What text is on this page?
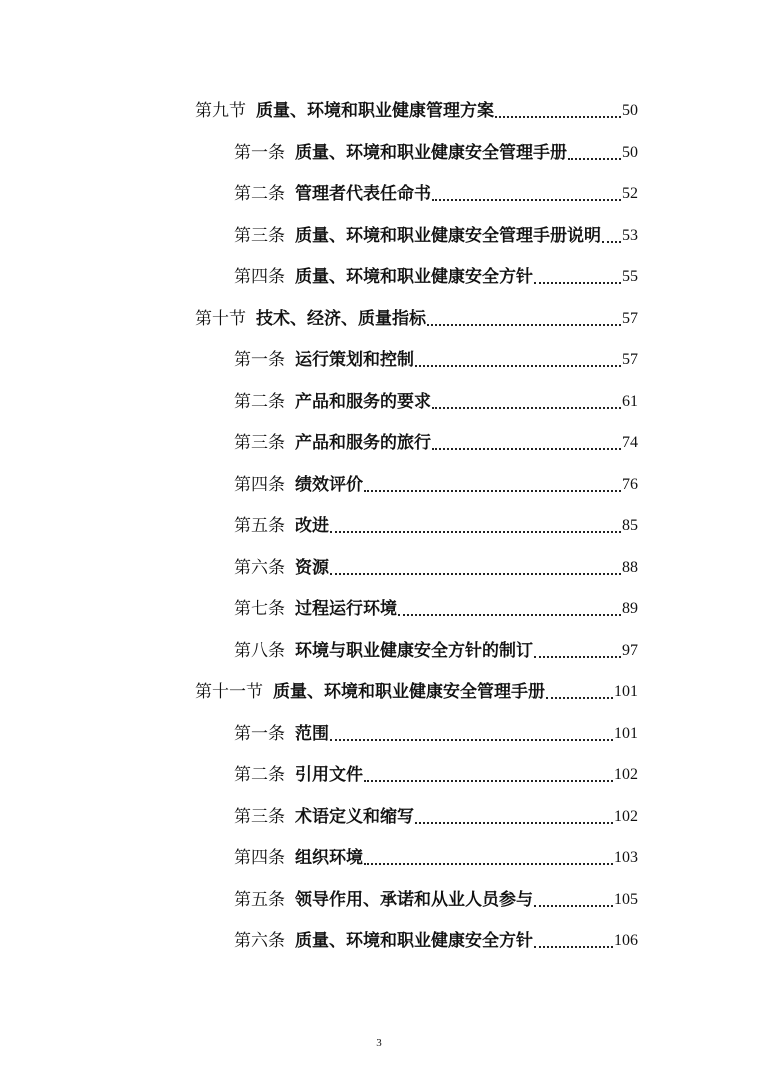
第九节 质量、环境和职业健康管理方案	50
第一条 质量、环境和职业健康安全管理手册	50
第二条 管理者代表任命书	52
第三条 质量、环境和职业健康安全管理手册说明 53
第四条 质量、环境和职业健康安全方针	55
第十节 技术、经济、质量指标	57
第一条 运行策划和控制	57
第二条 产品和服务的要求	61
第三条 产品和服务的旅行	74
第四条 绩效评价	76
第五条 改进	85
第六条 资源	88
第七条 过程运行环境	89
第八条 环境与职业健康安全方针的制订	97
第十一节 质量、环境和职业健康安全管理手册	101
第一条 范围	101
第二条 引用文件	102
第三条 术语定义和缩写	102
第四条 组织环境	103
第五条 领导作用、承诺和从业人员参与	105
第六条 质量、环境和职业健康安全方针	106
3
